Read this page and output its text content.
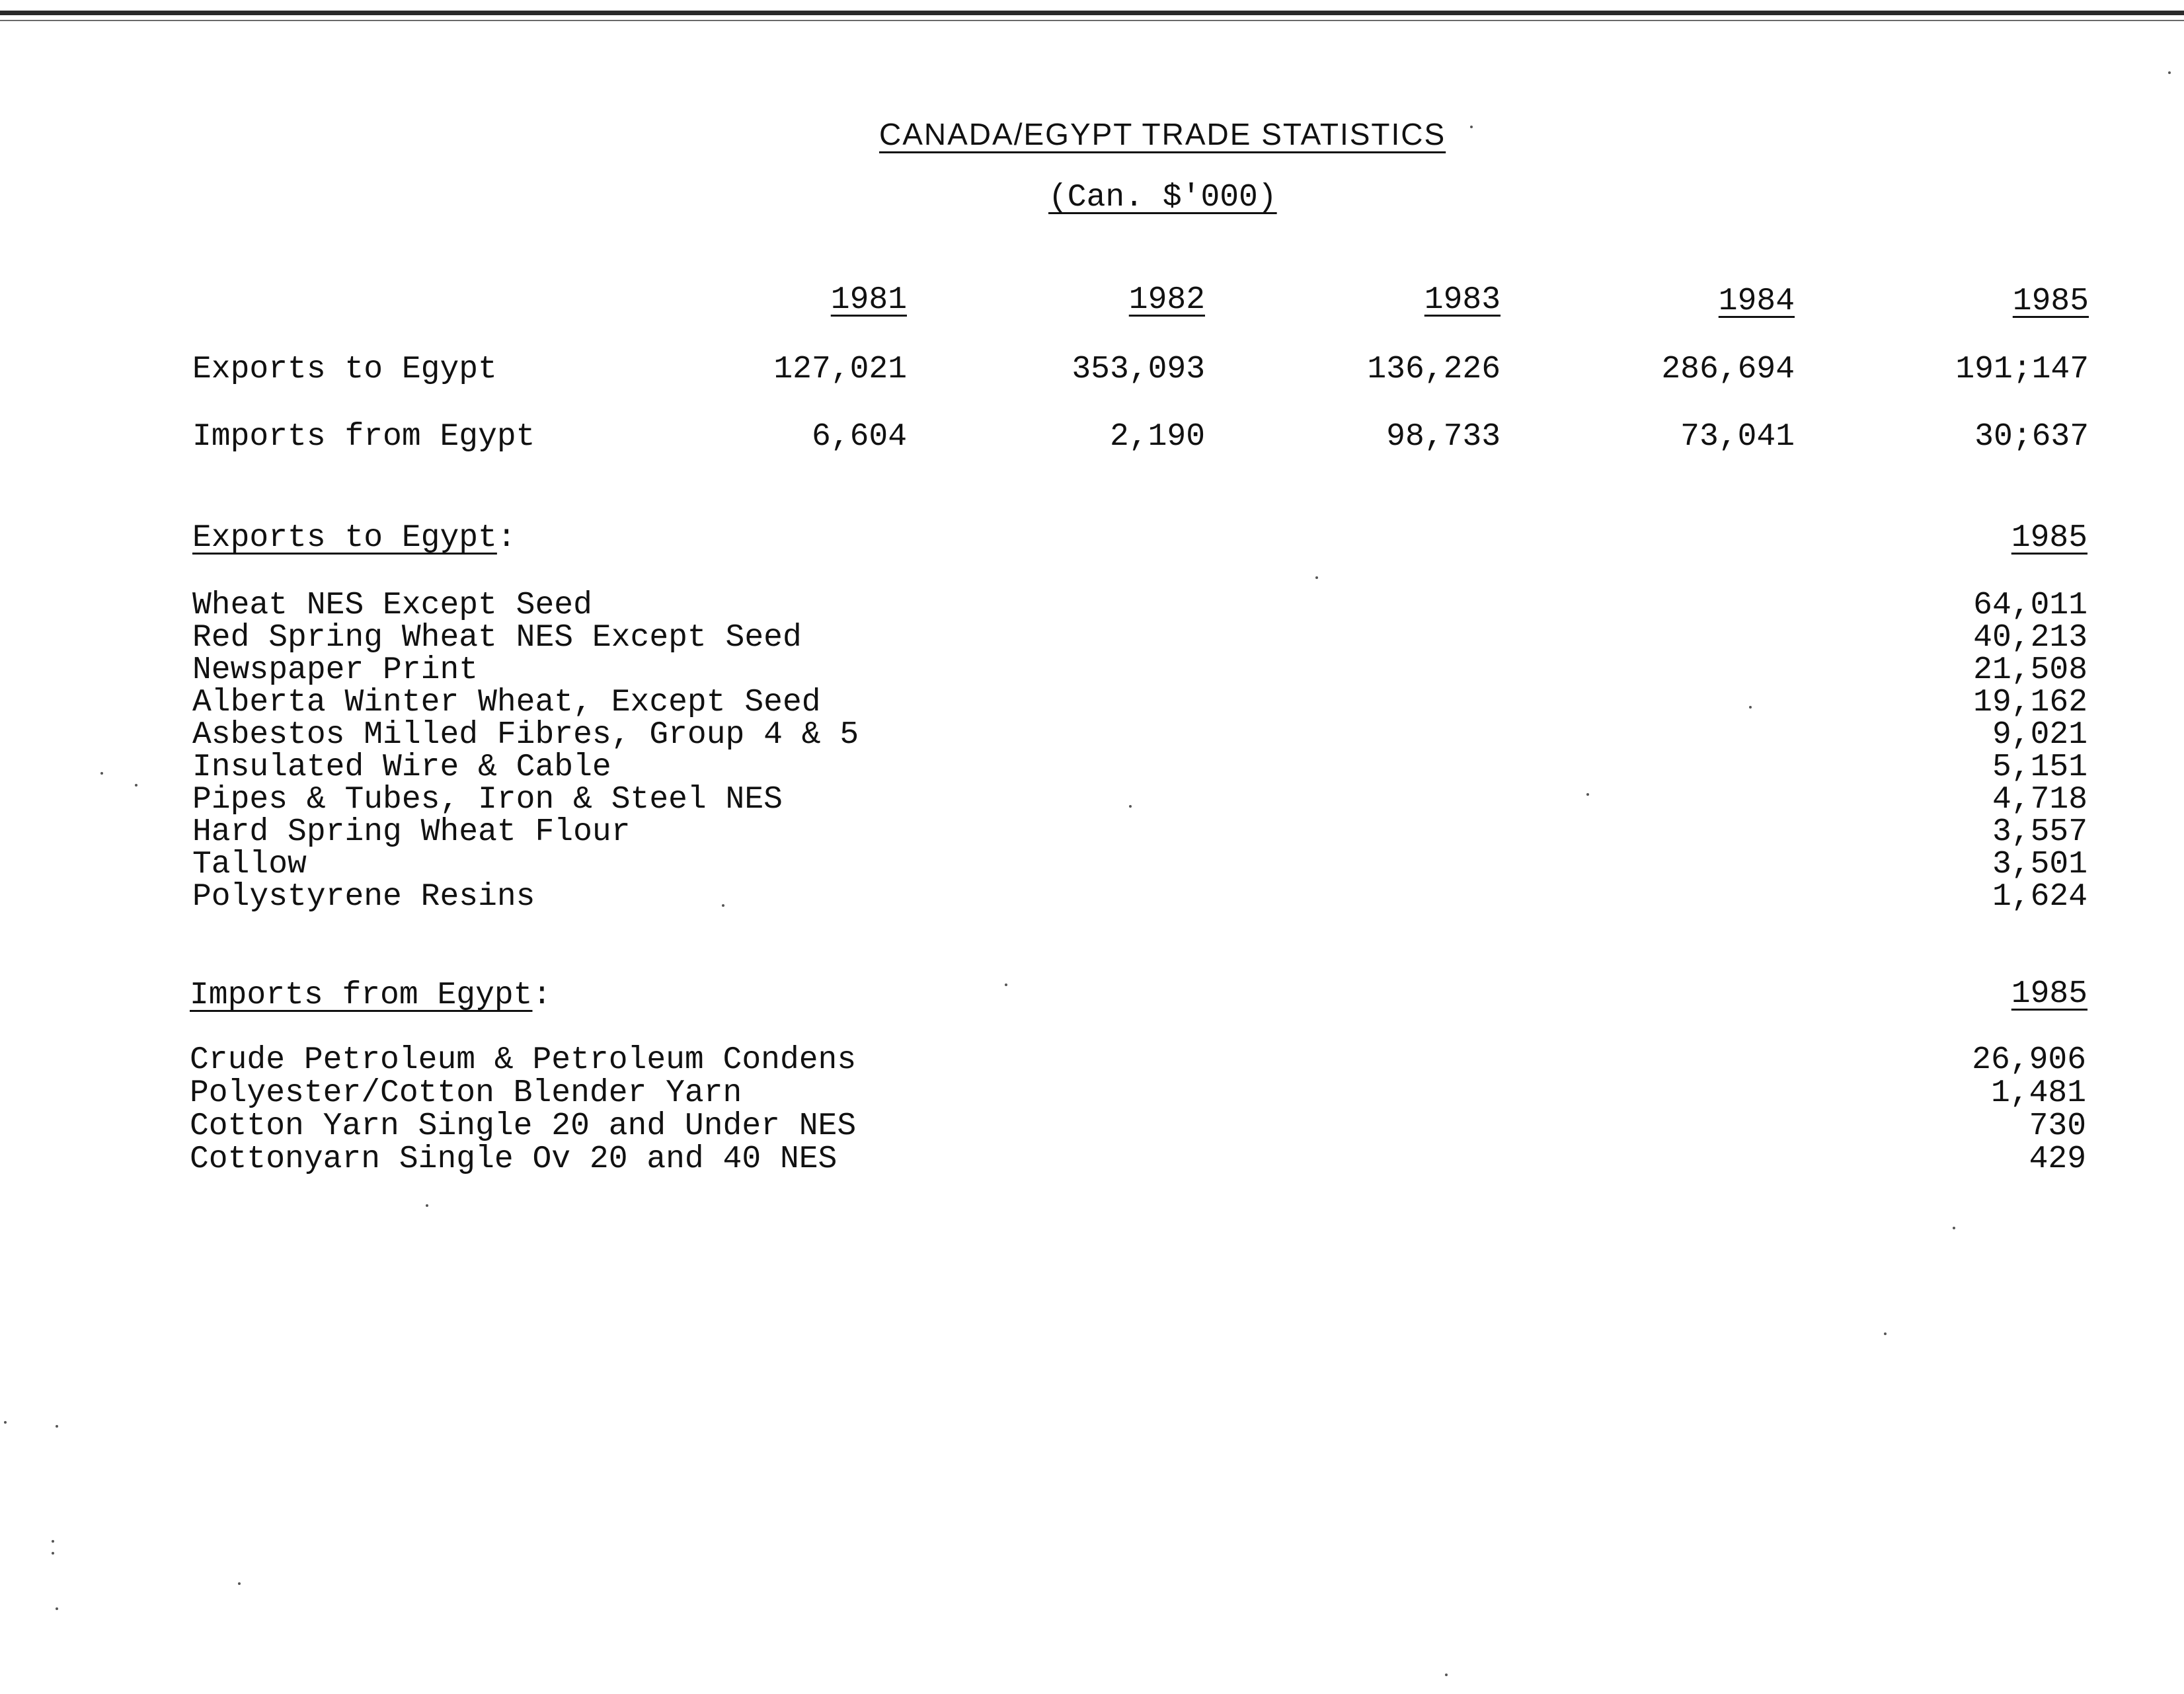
CANADA/EGYPT TRADE STATISTICS
(Can. $'000)
1981	1982	1983	1984	1985
Exports to Egypt	127,021	353,093	136,226	286,694	191;147
Imports from Egypt	6,604	2,190	98,733	73,041	30;637
Exports to Egypt:	1985
Wheat NES Except Seed	64,011
Red Spring Wheat NES Except Seed	40,213
Newspaper Print	21,508
Alberta Winter Wheat, Except Seed	19,162
Asbestos Milled Fibres, Group 4 & 5	9,021
Insulated Wire & Cable	5,151
Pipes & Tubes, Iron & Steel NES	4,718
Hard Spring Wheat Flour	3,557
Tallow	3,501
Polystyrene Resins	1,624
Imports from Egypt:	1985
Crude Petroleum & Petroleum Condens	26,906
Polyester/Cotton Blender Yarn	1,481
Cotton Yarn Single 20 and Under NES	730
Cottonyarn Single Ov 20 and 40 NES	429
